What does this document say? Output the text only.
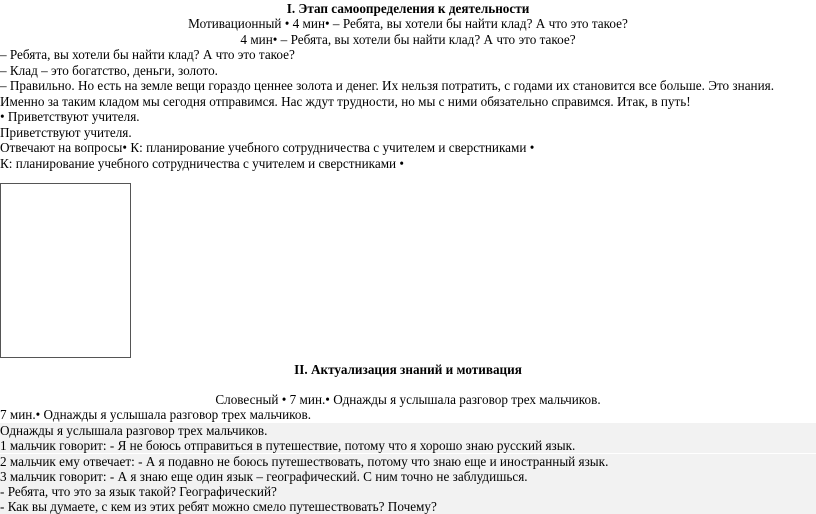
I. Этап самоопределения к деятельности
Мотивационный • 4 мин• – Ребята, вы хотели бы найти клад? А что это такое?
4 мин• – Ребята, вы хотели бы найти клад? А что это такое?
– Ребята, вы хотели бы найти клад? А что это такое?
– Клад – это богатство, деньги, золото.
– Правильно. Но есть на земле вещи гораздо ценнее золота и денег. Их нельзя потратить, с годами их становится все больше. Это знания.
Именно за таким кладом мы сегодня отправимся. Нас ждут трудности, но мы с ними обязательно справимся. Итак, в путь!
• Приветствуют учителя.
Приветствуют учителя.
Отвечают на вопросы• К: планирование учебного сотрудничества с учителем и сверстниками •
К: планирование учебного сотрудничества с учителем и сверстниками •
II. Актуализация знаний и мотивация
Словесный • 7 мин.• Однажды я услышала разговор трех мальчиков.
7 мин.• Однажды я услышала разговор трех мальчиков.
Однажды я услышала разговор трех мальчиков.
1 мальчик говорит: - Я не боюсь отправиться в путешествие, потому что я хорошо знаю русский язык.
2 мальчик ему отвечает: - А я подавно не боюсь путешествовать, потому что знаю еще и иностранный язык.
3 мальчик говорит: - А я знаю еще один язык – географический. С ним точно не заблудишься.
- Ребята, что это за язык такой? Географический?
- Как вы думаете, с кем из этих ребят можно смело путешествовать? Почему?
